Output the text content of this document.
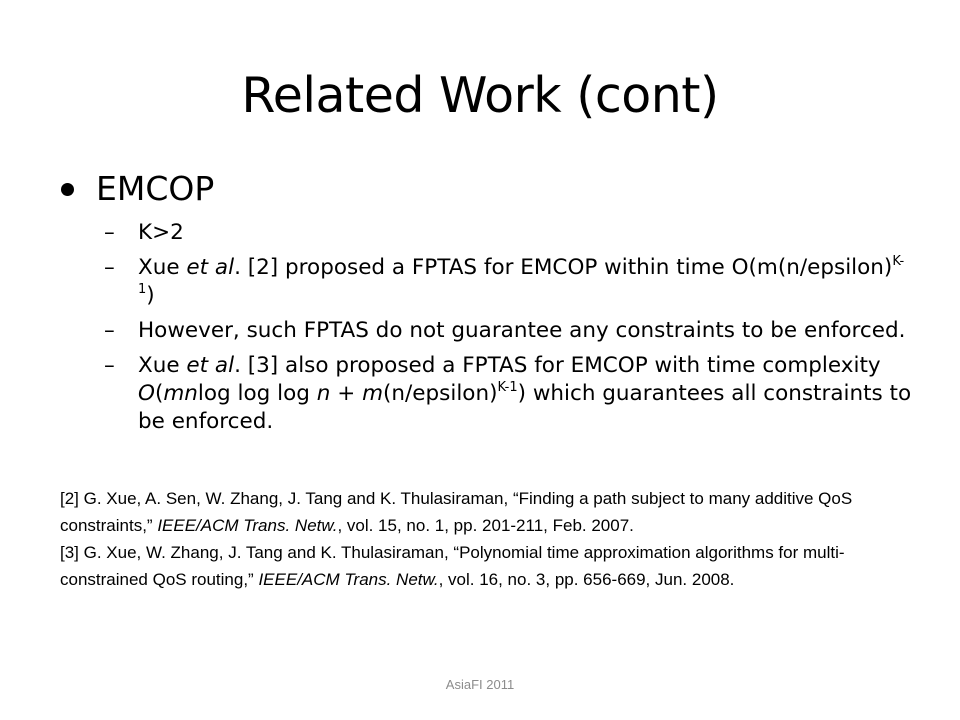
Related Work (cont)
EMCOP
– K>2
– Xue et al. [2] proposed a FPTAS for EMCOP within time O(m(n/epsilon)$^{K-1}$)
– However, such FPTAS do not guarantee any constraints to be enforced.
– Xue et al. [3] also proposed a FPTAS for EMCOP with time complexity O(mnlog log log n + m(n/epsilon)$^{K-1}$) which guarantees all constraints to be enforced.

[2] G. Xue, A. Sen, W. Zhang, J. Tang and K. Thulasiraman, “Finding a path subject to many additive QoS constraints,” IEEE/ACM Trans. Netw., vol. 15, no. 1, pp. 201-211, Feb. 2007.

[3] G. Xue, W. Zhang, J. Tang and K. Thulasiraman, “Polynomial time approximation algorithms for multi-constrained QoS routing,” IEEE/ACM Trans. Netw., vol. 16, no. 3, pp. 656-669, Jun. 2008.

AsiaFI 2011
